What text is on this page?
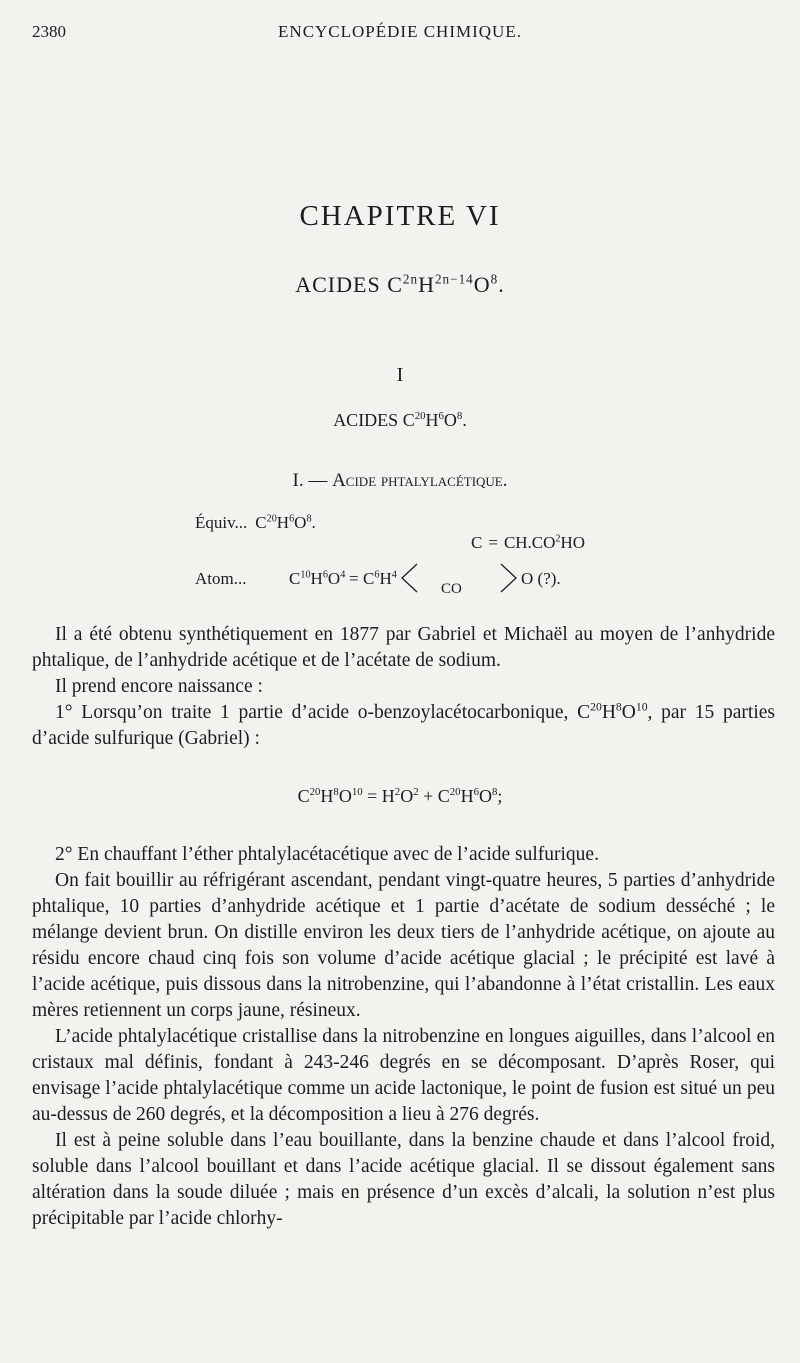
2380	ENCYCLOPÉDIE CHIMIQUE.
CHAPITRE VI
ACIDES $C^{2n}H^{2n-14}O^8$.
I
ACIDES $C^{20}H^6O^8$.
I. — Acide phtalylacétique.
Équiv... $C^{20}H^6O^8$.
Atom...	$C^{10}H^6O^4 = C^6H^4$
$C = CH.CO^2HO$
CO
O (?).

Il a été obtenu synthétiquement en 1877 par Gabriel et Michaël au moyen de l’anhydride phtalique, de l’anhydride acétique et de l’acétate de sodium.

Il prend encore naissance :

1° Lorsqu’on traite 1 partie d’acide o-benzoylacétocarbonique, $C^{20}H^8O^{10}$, par 15 parties d’acide sulfurique (Gabriel) :

$C^{20}H^8O^{10} = H^2O^2 + C^{20}H^6O^8$;

2° En chauffant l’éther phtalylacétacétique avec de l’acide sulfurique.

On fait bouillir au réfrigérant ascendant, pendant vingt-quatre heures, 5 parties d’anhydride phtalique, 10 parties d’anhydride acétique et 1 partie d’acétate de sodium desséché ; le mélange devient brun. On distille environ les deux tiers de l’anhydride acétique, on ajoute au résidu encore chaud cinq fois son volume d’acide acétique glacial ; le précipité est lavé à l’acide acétique, puis dissous dans la nitrobenzine, qui l’abandonne à l’état cristallin. Les eaux mères retiennent un corps jaune, résineux.

L’acide phtalylacétique cristallise dans la nitrobenzine en longues aiguilles, dans l’alcool en cristaux mal définis, fondant à 243-246 degrés en se décomposant. D’après Roser, qui envisage l’acide phtalylacétique comme un acide lactonique, le point de fusion est situé un peu au-dessus de 260 degrés, et la décomposition a lieu à 276 degrés.

Il est à peine soluble dans l’eau bouillante, dans la benzine chaude et dans l’alcool froid, soluble dans l’alcool bouillant et dans l’acide acétique glacial. Il se dissout également sans altération dans la soude diluée ; mais en présence d’un excès d’alcali, la solution n’est plus précipitable par l’acide chlorhy-
